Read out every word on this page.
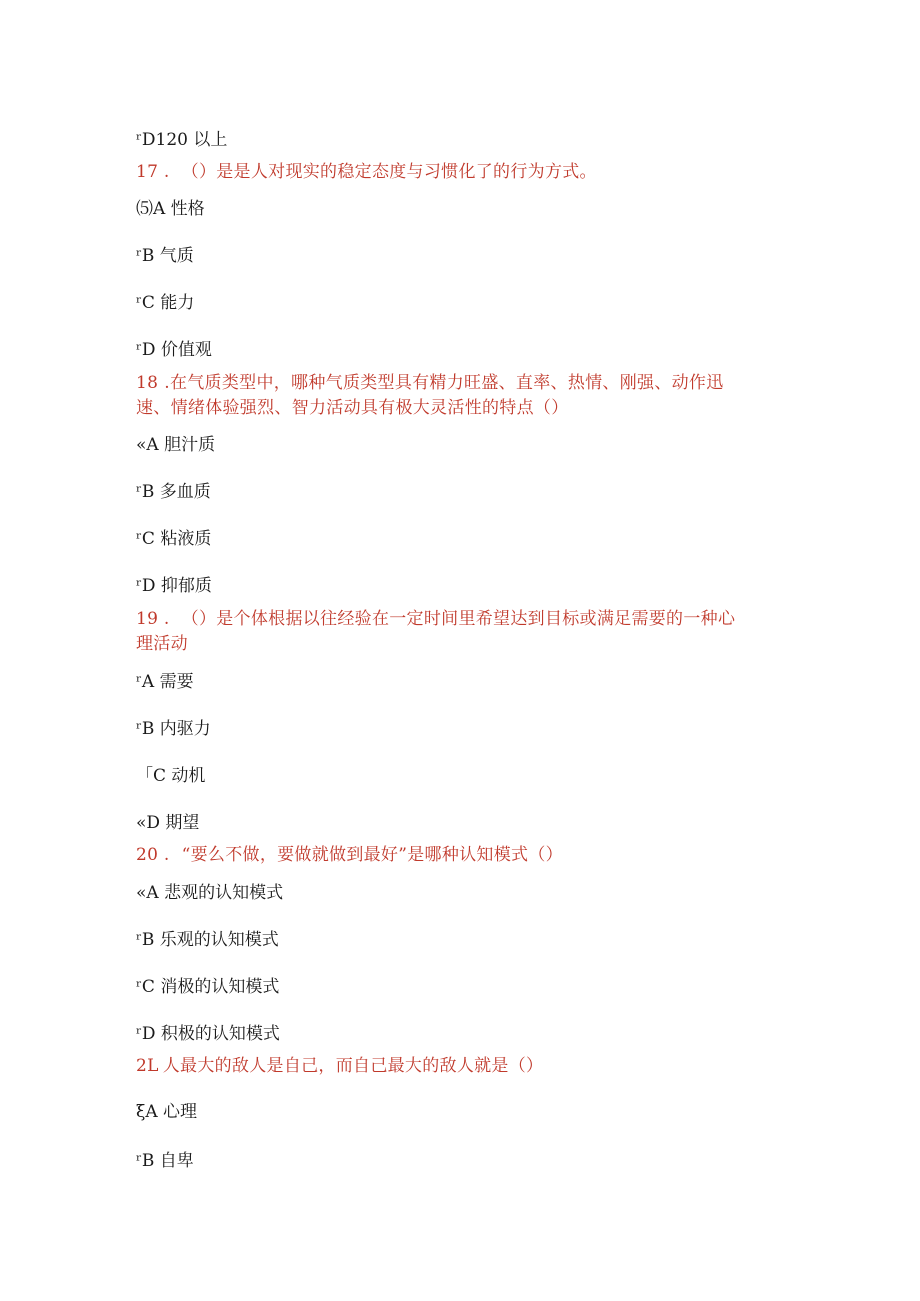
ʳD120 以上
17 . （）是是人对现实的稳定态度与习惯化了的行为方式。
⑸A 性格
ʳB 气质
ʳC 能力
ʳD 价值观
18 .在气质类型中，哪种气质类型具有精力旺盛、直率、热情、刚强、动作迅
速、情绪体验强烈、智力活动具有极大灵活性的特点（）
«A 胆汁质
ʳB 多血质
ʳC 粘液质
ʳD 抑郁质
19 . （）是个体根据以往经验在一定时间里希望达到目标或满足需要的一种心
理活动
ʳA 需要
ʳB 内驱力
「C 动机
«D 期望
20 . “要么不做，要做就做到最好”是哪种认知模式（）
«A 悲观的认知模式
ʳB 乐观的认知模式
ʳC 消极的认知模式
ʳD 积极的认知模式
2L 人最大的敌人是自己，而自己最大的敌人就是（）
ξA 心理
ʳB 自卑
